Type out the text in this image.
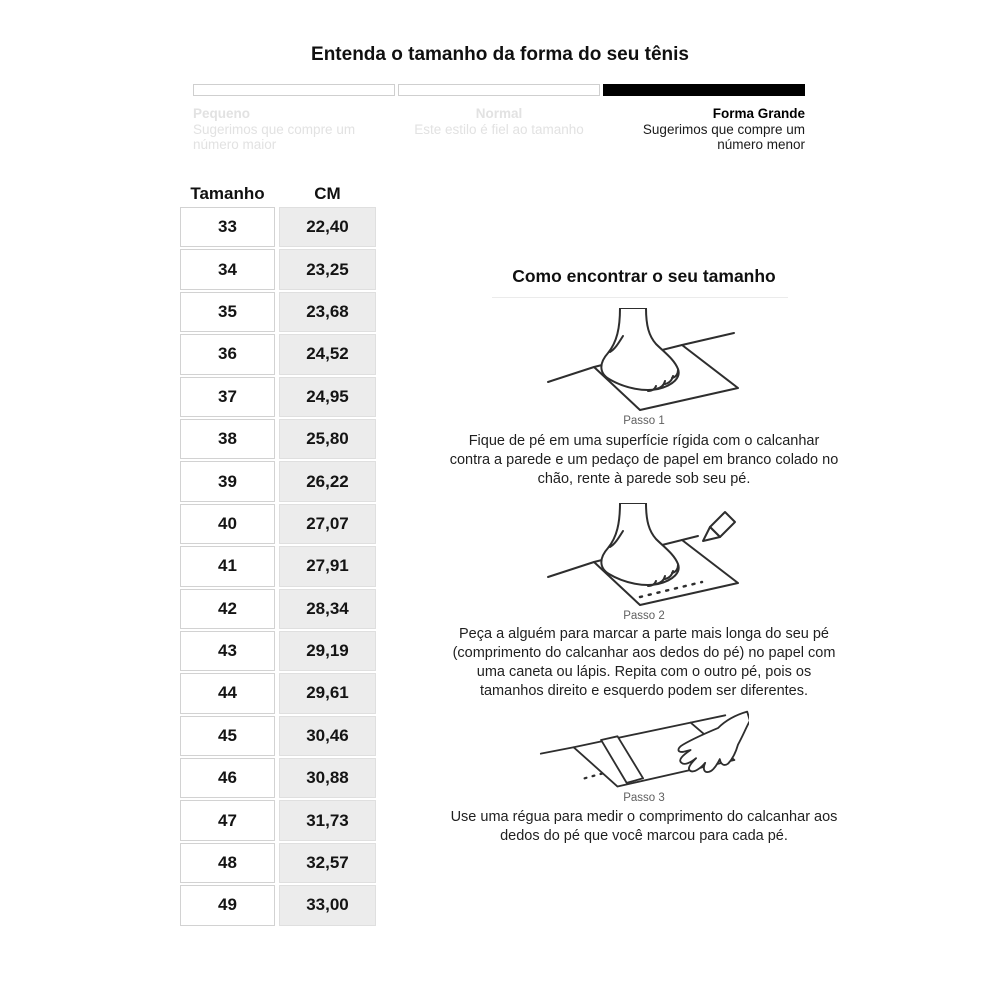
Entenda o tamanho da forma do seu tênis
Pequeno
Sugerimos que compre um número maior
Normal
Este estilo é fiel ao tamanho
Forma Grande
Sugerimos que compre um número menor
Tamanho	CM
33	22,40
34	23,25
35	23,68
36	24,52
37	24,95
38	25,80
39	26,22
40	27,07
41	27,91
42	28,34
43	29,19
44	29,61
45	30,46
46	30,88
47	31,73
48	32,57
49	33,00
Como encontrar o seu tamanho
Passo 1
Fique de pé em uma superfície rígida com o calcanhar contra a parede e um pedaço de papel em branco colado no chão, rente à parede sob seu pé.
Passo 2
Peça a alguém para marcar a parte mais longa do seu pé (comprimento do calcanhar aos dedos do pé) no papel com uma caneta ou lápis. Repita com o outro pé, pois os tamanhos direito e esquerdo podem ser diferentes.
Passo 3
Use uma régua para medir o comprimento do calcanhar aos dedos do pé que você marcou para cada pé.
